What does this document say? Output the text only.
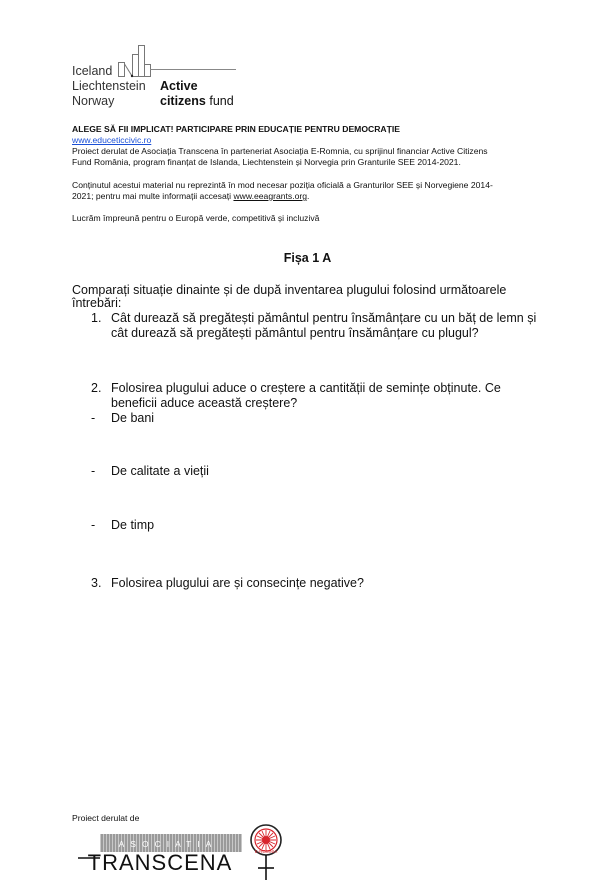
Iceland
Liechtenstein
Norway
Active
citizens fund
ALEGE SĂ FII IMPLICAT! PARTICIPARE PRIN EDUCAȚIE PENTRU DEMOCRAȚIE
www.educeticcivic.ro
Proiect derulat de Asociația Transcena în parteneriat Asociația E-Romnia, cu sprijinul financiar Active Citizens
Fund România, program finanțat de Islanda, Liechtenstein și Norvegia prin Granturile SEE 2014-2021.
Conținutul acestui material nu reprezintă în mod necesar poziția oficială a Granturilor SEE și Norvegiene 2014-
2021; pentru mai multe informații accesați www.eeagrants.org.
Lucrăm împreună pentru o Europă verde, competitivă și incluzivă
Fișa 1 A
Comparați situație dinainte și de după inventarea plugului folosind următoarele
întrebări:
1. Cât durează să pregătești pământul pentru însămânțare cu un băț de lemn și
cât durează să pregătești pământul pentru însămânțare cu plugul?
2. Folosirea plugului aduce o creștere a cantității de semințe obținute. Ce
beneficii aduce această creștere?
- De bani
- De calitate a vieții
- De timp
3. Folosirea plugului are și consecințe negative?
Proiect derulat de
ASOCIATIA
TRANSCENA	E-ROMNIA
